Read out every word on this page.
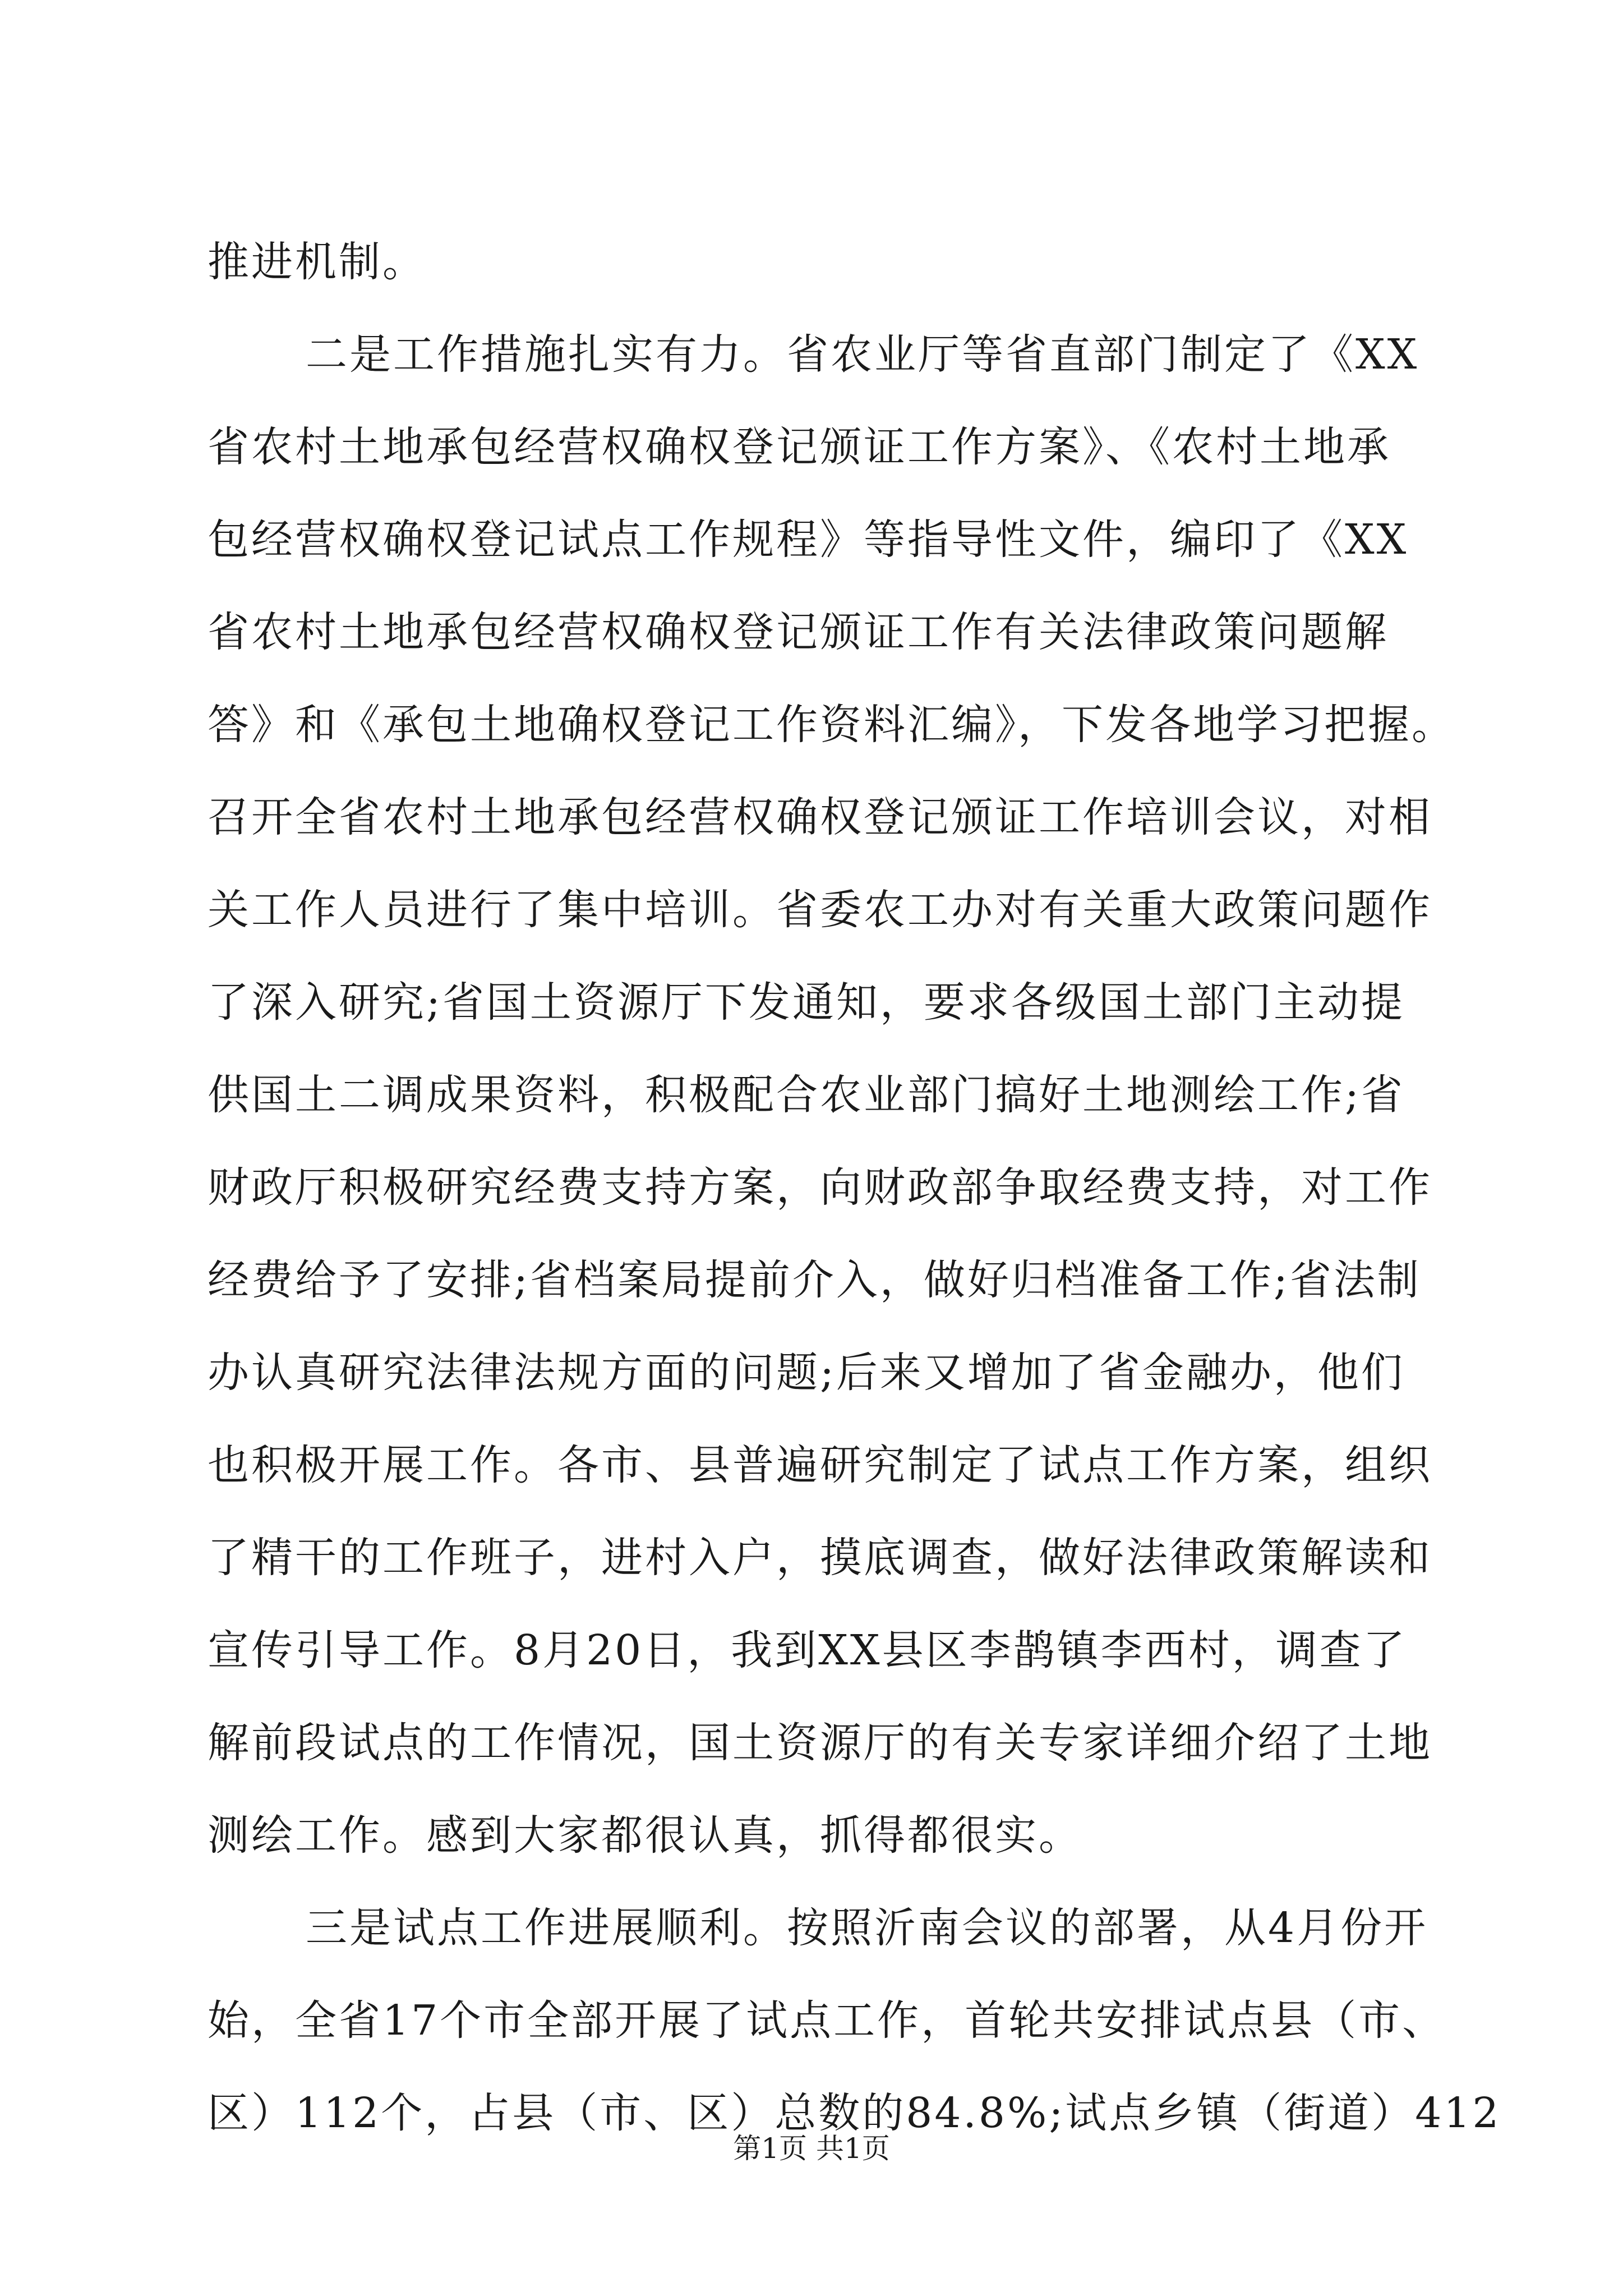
推进机制。
二是工作措施扎实有力。省农业厅等省直部门制定了《XX
省农村土地承包经营权确权登记颁证工作方案》、《农村土地承
包经营权确权登记试点工作规程》等指导性文件，编印了《XX
省农村土地承包经营权确权登记颁证工作有关法律政策问题解
答》和《承包土地确权登记工作资料汇编》，下发各地学习把握。
召开全省农村土地承包经营权确权登记颁证工作培训会议，对相
关工作人员进行了集中培训。省委农工办对有关重大政策问题作
了深入研究;省国土资源厅下发通知，要求各级国土部门主动提
供国土二调成果资料，积极配合农业部门搞好土地测绘工作;省
财政厅积极研究经费支持方案，向财政部争取经费支持，对工作
经费给予了安排;省档案局提前介入，做好归档准备工作;省法制
办认真研究法律法规方面的问题;后来又增加了省金融办，他们
也积极开展工作。各市、县普遍研究制定了试点工作方案，组织
了精干的工作班子，进村入户，摸底调查，做好法律政策解读和
宣传引导工作。8月20日，我到XX县区李鹊镇李西村，调查了
解前段试点的工作情况，国土资源厅的有关专家详细介绍了土地
测绘工作。感到大家都很认真，抓得都很实。
三是试点工作进展顺利。按照沂南会议的部署，从4月份开
始，全省17个市全部开展了试点工作，首轮共安排试点县（市、
区）112个，占县（市、区）总数的84.8%;试点乡镇（街道）412
第1页 共1页
